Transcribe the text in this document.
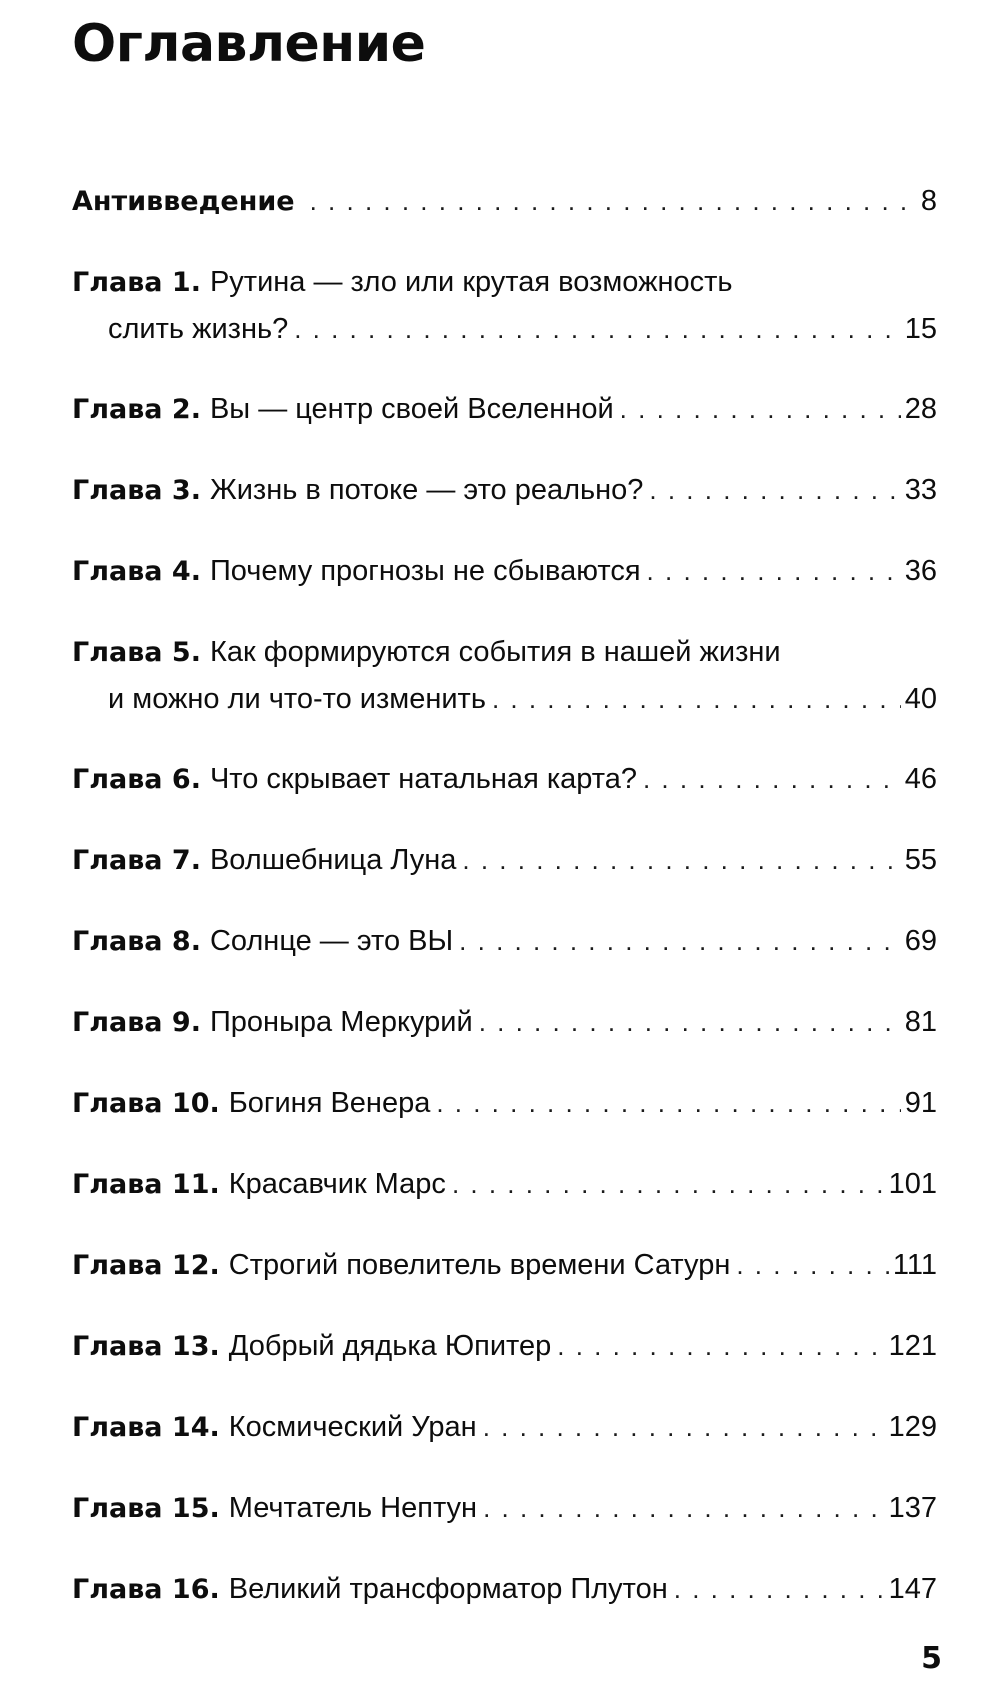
Оглавление
Антивведение . . .	8
Глава 1. Рутина — зло или крутая возможность
слить жизнь? . . .	15
Глава 2. Вы — центр своей Вселенной . . .	28
Глава 3. Жизнь в потоке — это реально? . . .	33
Глава 4. Почему прогнозы не сбываются . . .	36
Глава 5. Как формируются события в нашей жизни
и можно ли что-то изменить . . .	40
Глава 6. Что скрывает натальная карта? . . .	46
Глава 7. Волшебница Луна . . .	55
Глава 8. Солнце — это ВЫ . . .	69
Глава 9. Проныра Меркурий . . .	81
Глава 10. Богиня Венера . . .	91
Глава 11. Красавчик Марс . . .	101
Глава 12. Строгий повелитель времени Сатурн . . .	111
Глава 13. Добрый дядька Юпитер . . .	121
Глава 14. Космический Уран . . .	129
Глава 15. Мечтатель Нептун . . .	137
Глава 16. Великий трансформатор Плутон . . .	147
5
